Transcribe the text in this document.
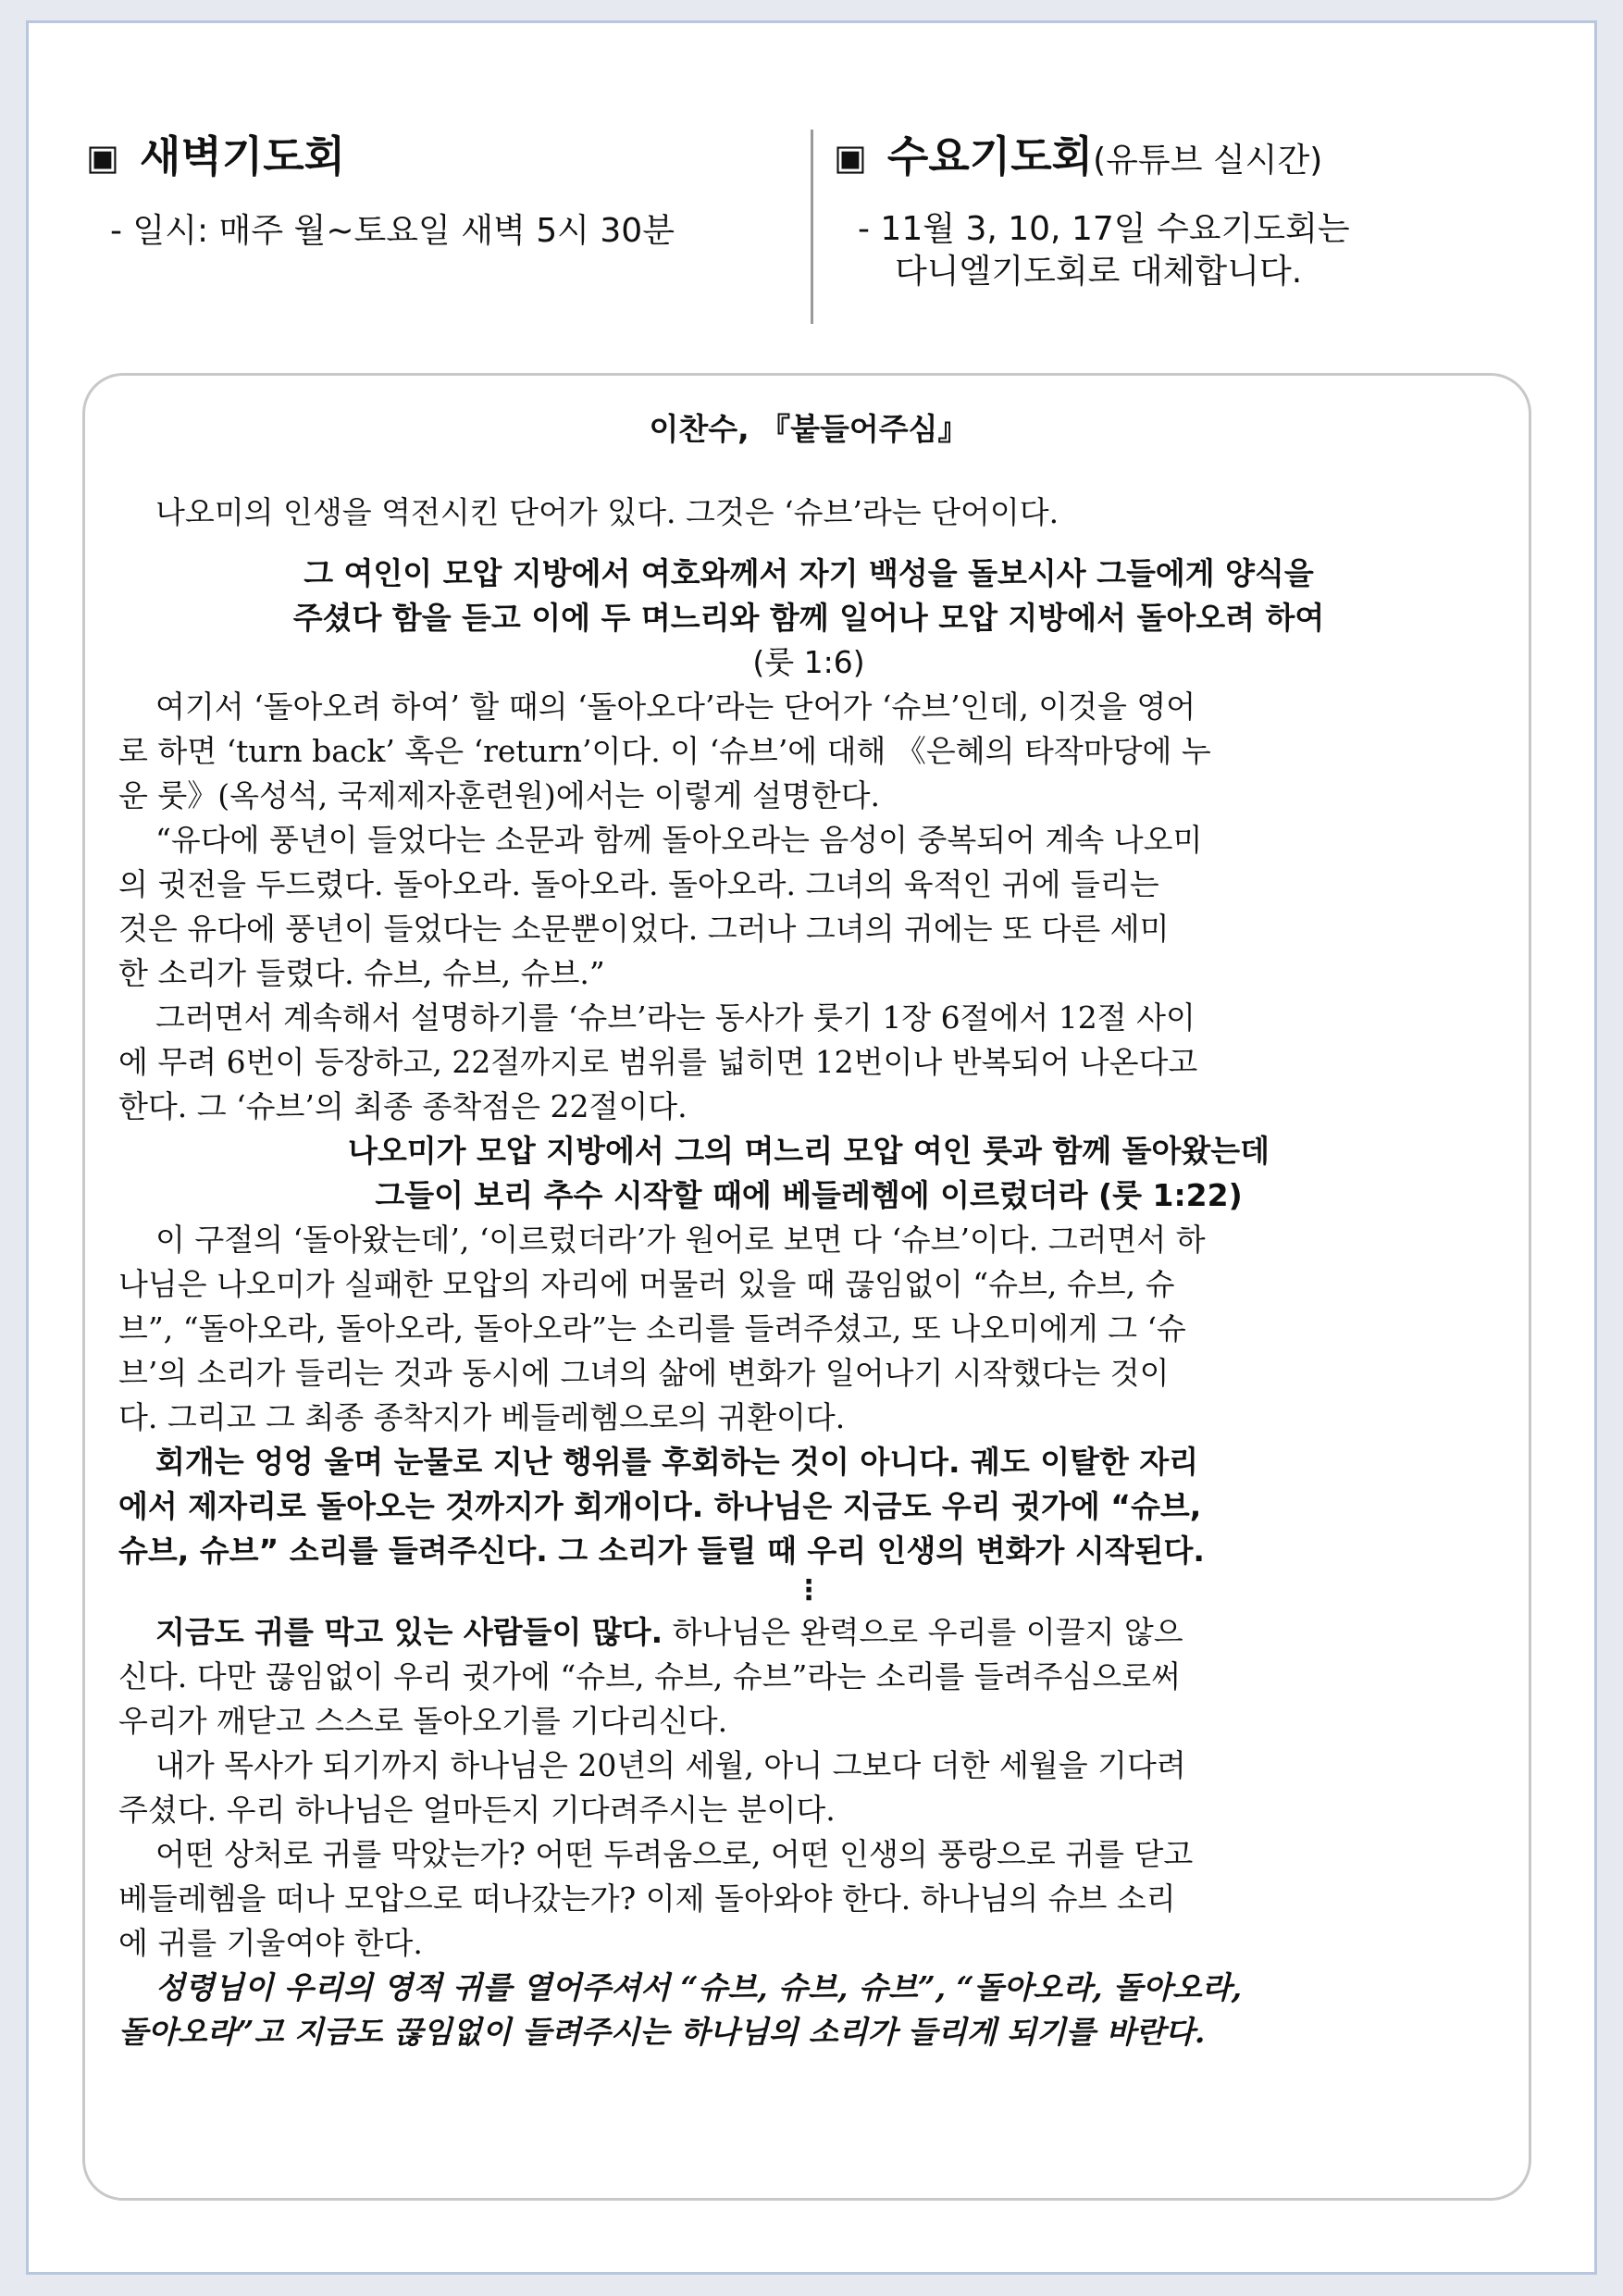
▣ 새벽기도회
- 일시: 매주 월~토요일 새벽 5시 30분
▣ 수요기도회(유튜브 실시간)
- 11월 3, 10, 17일 수요기도회는
다니엘기도회로 대체합니다.
이찬수, 『붙들어주심』
나오미의 인생을 역전시킨 단어가 있다. 그것은 ‘슈브’라는 단어이다.
그 여인이 모압 지방에서 여호와께서 자기 백성을 돌보시사 그들에게 양식을
주셨다 함을 듣고 이에 두 며느리와 함께 일어나 모압 지방에서 돌아오려 하여
(룻 1:6)
여기서 ‘돌아오려 하여’ 할 때의 ‘돌아오다’라는 단어가 ‘슈브’인데, 이것을 영어
로 하면 ‘turn back’ 혹은 ‘return’이다. 이 ‘슈브’에 대해 《은혜의 타작마당에 누
운 룻》(옥성석, 국제제자훈련원)에서는 이렇게 설명한다.
“유다에 풍년이 들었다는 소문과 함께 돌아오라는 음성이 중복되어 계속 나오미
의 귓전을 두드렸다. 돌아오라. 돌아오라. 돌아오라. 그녀의 육적인 귀에 들리는
것은 유다에 풍년이 들었다는 소문뿐이었다. 그러나 그녀의 귀에는 또 다른 세미
한 소리가 들렸다. 슈브, 슈브, 슈브.”
그러면서 계속해서 설명하기를 ‘슈브’라는 동사가 룻기 1장 6절에서 12절 사이
에 무려 6번이 등장하고, 22절까지로 범위를 넓히면 12번이나 반복되어 나온다고
한다. 그 ‘슈브’의 최종 종착점은 22절이다.
나오미가 모압 지방에서 그의 며느리 모압 여인 룻과 함께 돌아왔는데
그들이 보리 추수 시작할 때에 베들레헴에 이르렀더라 (룻 1:22)
이 구절의 ‘돌아왔는데’, ‘이르렀더라’가 원어로 보면 다 ‘슈브’이다. 그러면서 하
나님은 나오미가 실패한 모압의 자리에 머물러 있을 때 끊임없이 “슈브, 슈브, 슈
브”, “돌아오라, 돌아오라, 돌아오라”는 소리를 들려주셨고, 또 나오미에게 그 ‘슈
브’의 소리가 들리는 것과 동시에 그녀의 삶에 변화가 일어나기 시작했다는 것이
다. 그리고 그 최종 종착지가 베들레헴으로의 귀환이다.
회개는 엉엉 울며 눈물로 지난 행위를 후회하는 것이 아니다. 궤도 이탈한 자리
에서 제자리로 돌아오는 것까지가 회개이다. 하나님은 지금도 우리 귓가에 “슈브,
슈브, 슈브” 소리를 들려주신다. 그 소리가 들릴 때 우리 인생의 변화가 시작된다.
⋮
지금도 귀를 막고 있는 사람들이 많다. 하나님은 완력으로 우리를 이끌지 않으
신다. 다만 끊임없이 우리 귓가에 “슈브, 슈브, 슈브”라는 소리를 들려주심으로써
우리가 깨닫고 스스로 돌아오기를 기다리신다.
내가 목사가 되기까지 하나님은 20년의 세월, 아니 그보다 더한 세월을 기다려
주셨다. 우리 하나님은 얼마든지 기다려주시는 분이다.
어떤 상처로 귀를 막았는가? 어떤 두려움으로, 어떤 인생의 풍랑으로 귀를 닫고
베들레헴을 떠나 모압으로 떠나갔는가? 이제 돌아와야 한다. 하나님의 슈브 소리
에 귀를 기울여야 한다.
성령님이 우리의 영적 귀를 열어주셔서 “슈브, 슈브, 슈브”, “돌아오라, 돌아오라,
돌아오라”고 지금도 끊임없이 들려주시는 하나님의 소리가 들리게 되기를 바란다.
